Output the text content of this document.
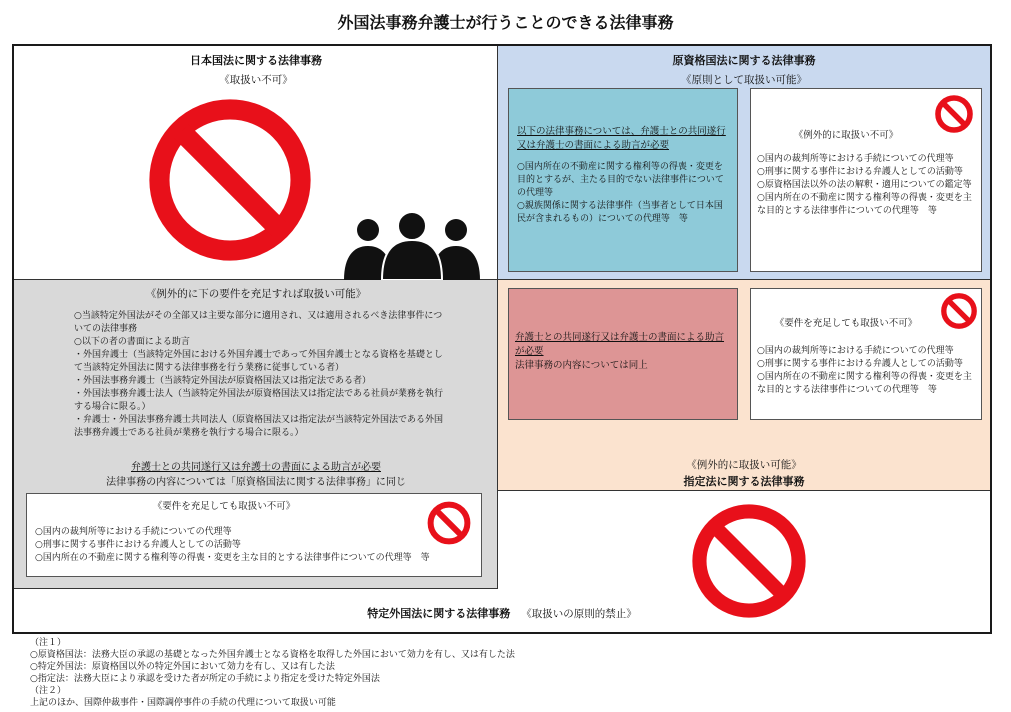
外国法事務弁護士が行うことのできる法律事務
日本国法に関する法律事務
《取扱い不可》
原資格国法に関する法律事務
《原則として取扱い可能》
以下の法律事務については、弁護士との共同遂行又は弁護士の書面による助言が必要
○国内所在の不動産に関する権利等の得喪・変更を目的とするが、主たる目的でない法律事件についての代理等
○親族関係に関する法律事件（当事者として日本国民が含まれるもの）についての代理等　等
《例外的に取扱い不可》
○国内の裁判所等における手続についての代理等
○刑事に関する事件における弁護人としての活動等
○原資格国法以外の法の解釈・適用についての鑑定等
○国内所在の不動産に関する権利等の得喪・変更を主な目的とする法律事件についての代理等　等
《例外的に下の要件を充足すれば取扱い可能》
○当該特定外国法がその全部又は主要な部分に適用され、又は適用されるべき法律事件についての法律事務
○以下の者の書面による助言
・外国弁護士（当該特定外国における外国弁護士であって外国弁護士となる資格を基礎として当該特定外国法に関する法律事務を行う業務に従事している者）
・外国法事務弁護士（当該特定外国法が原資格国法又は指定法である者）
・外国法事務弁護士法人（当該特定外国法が原資格国法又は指定法である社員が業務を執行する場合に限る。）
・弁護士・外国法事務弁護士共同法人（原資格国法又は指定法が当該特定外国法である外国法事務弁護士である社員が業務を執行する場合に限る。）
弁護士との共同遂行又は弁護士の書面による助言が必要
法律事務の内容については「原資格国法に関する法律事務」に同じ
《要件を充足しても取扱い不可》
○国内の裁判所等における手続についての代理等
○刑事に関する事件における弁護人としての活動等
○国内所在の不動産に関する権利等の得喪・変更を主な目的とする法律事件についての代理等　等
弁護士との共同遂行又は弁護士の書面による助言が必要
法律事務の内容については同上
《要件を充足しても取扱い不可》
○国内の裁判所等における手続についての代理等
○刑事に関する事件における弁護人としての活動等
○国内所在の不動産に関する権利等の得喪・変更を主な目的とする法律事件についての代理等　等
《例外的に取扱い可能》
指定法に関する法律事務
特定外国法に関する法律事務 《取扱いの原則的禁止》
（注１）
○原資格国法：法務大臣の承認の基礎となった外国弁護士となる資格を取得した外国において効力を有し、又は有した法
○特定外国法：原資格国以外の特定外国において効力を有し、又は有した法
○指定法：法務大臣により承認を受けた者が所定の手続により指定を受けた特定外国法
（注２）
上記のほか、国際仲裁事件・国際調停事件の手続の代理について取扱い可能
